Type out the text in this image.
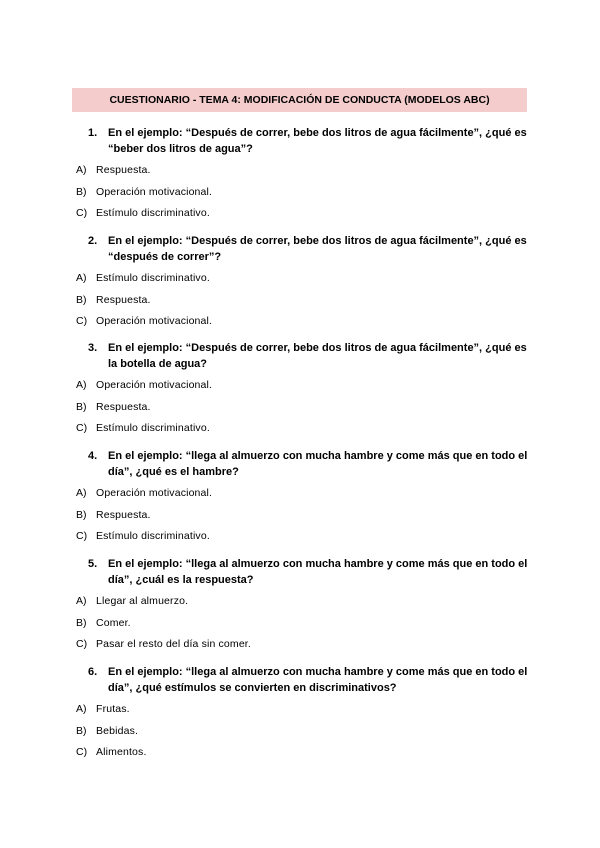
CUESTIONARIO - TEMA 4: MODIFICACIÓN DE CONDUCTA (MODELOS ABC)
1. En el ejemplo: “Después de correr, bebe dos litros de agua fácilmente”, ¿qué es “beber dos litros de agua”?
A) Respuesta.
B) Operación motivacional.
C) Estímulo discriminativo.
2. En el ejemplo: “Después de correr, bebe dos litros de agua fácilmente”, ¿qué es “después de correr”?
A) Estímulo discriminativo.
B) Respuesta.
C) Operación motivacional.
3. En el ejemplo: “Después de correr, bebe dos litros de agua fácilmente”, ¿qué es la botella de agua?
A) Operación motivacional.
B) Respuesta.
C) Estímulo discriminativo.
4. En el ejemplo: “llega al almuerzo con mucha hambre y come más que en todo el día”, ¿qué es el hambre?
A) Operación motivacional.
B) Respuesta.
C) Estímulo discriminativo.
5. En el ejemplo: “llega al almuerzo con mucha hambre y come más que en todo el día”, ¿cuál es la respuesta?
A) Llegar al almuerzo.
B) Comer.
C) Pasar el resto del día sin comer.
6. En el ejemplo: “llega al almuerzo con mucha hambre y come más que en todo el día”, ¿qué estímulos se convierten en discriminativos?
A) Frutas.
B) Bebidas.
C) Alimentos.
